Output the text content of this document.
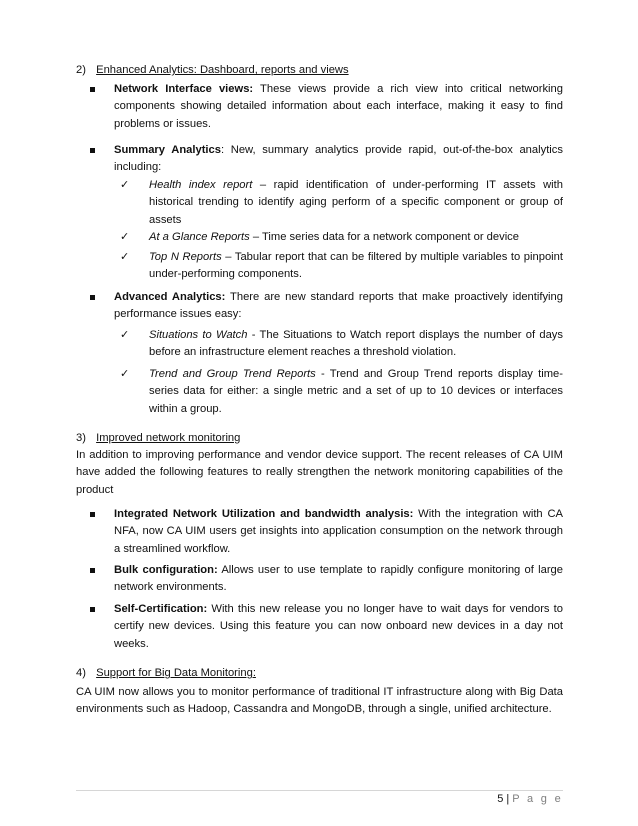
2) Enhanced Analytics: Dashboard, reports and views
Network Interface views: These views provide a rich view into critical networking components showing detailed information about each interface, making it easy to find problems or issues.
Summary Analytics: New, summary analytics provide rapid, out-of-the-box analytics including:
✓ Health index report – rapid identification of under-performing IT assets with historical trending to identify aging perform of a specific component or group of assets
✓ At a Glance Reports – Time series data for a network component or device
✓ Top N Reports – Tabular report that can be filtered by multiple variables to pinpoint under-performing components.
Advanced Analytics: There are new standard reports that make proactively identifying performance issues easy:
✓ Situations to Watch - The Situations to Watch report displays the number of days before an infrastructure element reaches a threshold violation.
✓ Trend and Group Trend Reports - Trend and Group Trend reports display time-series data for either: a single metric and a set of up to 10 devices or interfaces within a group.
3) Improved network monitoring
In addition to improving performance and vendor device support. The recent releases of CA UIM have added the following features to really strengthen the network monitoring capabilities of the product
Integrated Network Utilization and bandwidth analysis: With the integration with CA NFA, now CA UIM users get insights into application consumption on the network through a streamlined workflow.
Bulk configuration: Allows user to use template to rapidly configure monitoring of large network environments.
Self-Certification: With this new release you no longer have to wait days for vendors to certify new devices. Using this feature you can now onboard new devices in a day not weeks.
4) Support for Big Data Monitoring:
CA UIM now allows you to monitor performance of traditional IT infrastructure along with Big Data environments such as Hadoop, Cassandra and MongoDB, through a single, unified architecture.
5 | P a g e
